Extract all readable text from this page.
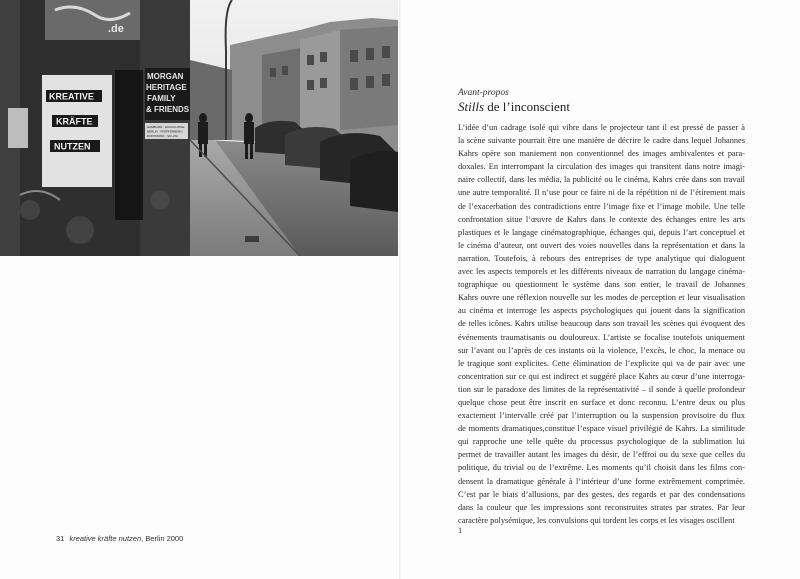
.de
KREATIVE
KRÄFTE
NUTZEN
MORGAN
HERITAGE
FAMILY
& FRIENDS
HAMBURG · ECKACHTIGE
BERLIN · PFEFFERBERG
DORTMUND · SKI-ZIG
31 kreative kräfte nutzen, Berlin 2000
Avant-propos
Stills de l’inconscient
L’idée d’un cadrage isolé qui vibre dans le projecteur tant il est pressé de passer à
la scène suivante pourrait être une manière de décrire le cadre dans lequel Johannes
Kahrs opère son maniement non conventionnel des images ambivalentes et para-
doxales. En interrompant la circulation des images qui transitent dans notre imagi-
naire collectif, dans les média, la publicité ou le cinéma, Kahrs crée dans son travail
une autre temporalité. Il n’use pour ce faire ni de la répétition ni de l’étirement mais
de l’exacerbation des contradictions entre l’image fixe et l’image mobile. Une telle
confrontation situe l’œuvre de Kahrs dans le contexte des échanges entre les arts
plastiques et le langage cinématographique, échanges qui, depuis l’art conceptuel et
le cinéma d’auteur, ont ouvert des voies nouvelles dans la représentation et dans la
narration. Toutefois, à rebours des entreprises de type analytique qui dialoguent
avec les aspects temporels et les différents niveaux de narration du langage cinéma-
tographique ou questionnent le système dans son entier, le travail de Johannes
Kahrs ouvre une réflexion nouvelle sur les modes de perception et leur visualisation
au cinéma et interroge les aspects psychologiques qui jouent dans la signification
de telles icônes. Kahrs utilise beaucoup dans son travail les scènes qui évoquent des
événements traumatisants ou douloureux. L’artiste se focalise toutefois uniquement
sur l’avant ou l’après de ces instants où la violence, l’excès, le choc, la menace ou
le tragique sont explicites. Cette élimination de l’explicite qui va de pair avec une
concentration sur ce qui est indirect et suggéré place Kahrs au cœur d’une interroga-
tion sur le paradoxe des limites de la représentativité – il sonde à quelle profondeur
quelque chose peut être inscrit en surface et donc reconnu. L’entre deux ou plus
exactement l’intervalle créé par l’interruption ou la suspension provisoire du flux
de moments dramatiques,constitue l’espace visuel privilégié de Kahrs. La similitude
qui rapproche une telle quête du processus psychologique de la sublimation lui
permet de travailler autant les images du désir, de l’effroi ou du sexe que celles du
politique, du trivial ou de l’extrême. Les moments qu’il choisit dans les films con-
densent la dramatique générale à l’intérieur d’une forme extrêmement comprimée.
C’est par le biais d’allusions, par des gestes, des regards et par des condensations
dans la couleur que les impressions sont reconstruites strates par strates. Par leur
caractère polysémique, les convulsions qui tordent les corps et les visages oscillent
1
